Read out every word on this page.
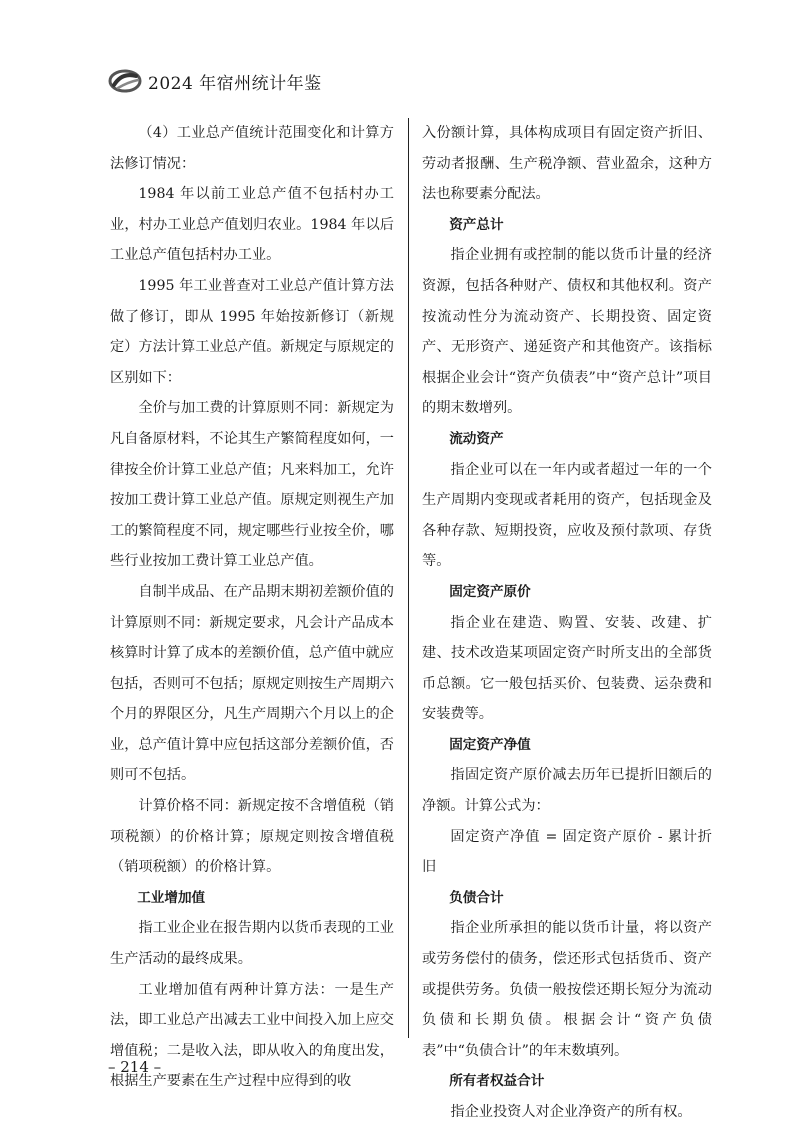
2024 年宿州统计年鉴

（4）工业总产值统计范围变化和计算方法修订情况：

1984 年以前工业总产值不包括村办工业，村办工业总产值划归农业。1984 年以后工业总产值包括村办工业。

1995 年工业普查对工业总产值计算方法做了修订，即从 1995 年始按新修订（新规定）方法计算工业总产值。新规定与原规定的区别如下：

全价与加工费的计算原则不同：新规定为凡自备原材料，不论其生产繁简程度如何，一律按全价计算工业总产值；凡来料加工，允许按加工费计算工业总产值。原规定则视生产加工的繁简程度不同，规定哪些行业按全价，哪些行业按加工费计算工业总产值。

自制半成品、在产品期末期初差额价值的计算原则不同：新规定要求，凡会计产品成本核算时计算了成本的差额价值，总产值中就应包括，否则可不包括；原规定则按生产周期六个月的界限区分，凡生产周期六个月以上的企业，总产值计算中应包括这部分差额价值，否则可不包括。

计算价格不同：新规定按不含增值税（销项税额）的价格计算；原规定则按含增值税（销项税额）的价格计算。

工业增加值

指工业企业在报告期内以货币表现的工业生产活动的最终成果。

工业增加值有两种计算方法：一是生产法，即工业总产出减去工业中间投入加上应交增值税；二是收入法，即从收入的角度出发，根据生产要素在生产过程中应得到的收

入份额计算，具体构成项目有固定资产折旧、劳动者报酬、生产税净额、营业盈余，这种方法也称要素分配法。

资产总计

指企业拥有或控制的能以货币计量的经济资源，包括各种财产、债权和其他权利。资产按流动性分为流动资产、长期投资、固定资产、无形资产、递延资产和其他资产。该指标根据企业会计“资产负债表”中“资产总计”项目的期末数增列。

流动资产

指企业可以在一年内或者超过一年的一个生产周期内变现或者耗用的资产，包括现金及各种存款、短期投资，应收及预付款项、存货等。

固定资产原价

指企业在建造、购置、安装、改建、扩建、技术改造某项固定资产时所支出的全部货币总额。它一般包括买价、包装费、运杂费和安装费等。

固定资产净值

指固定资产原价减去历年已提折旧额后的净额。计算公式为：

固定资产净值 = 固定资产原价 - 累计折旧

负债合计

指企业所承担的能以货币计量，将以资产或劳务偿付的债务，偿还形式包括货币、资产或提供劳务。负债一般按偿还期长短分为流动负债和长期负债。根据会计“资产负债表”中“负债合计”的年末数填列。

所有者权益合计

指企业投资人对企业净资产的所有权。

– 214 –
